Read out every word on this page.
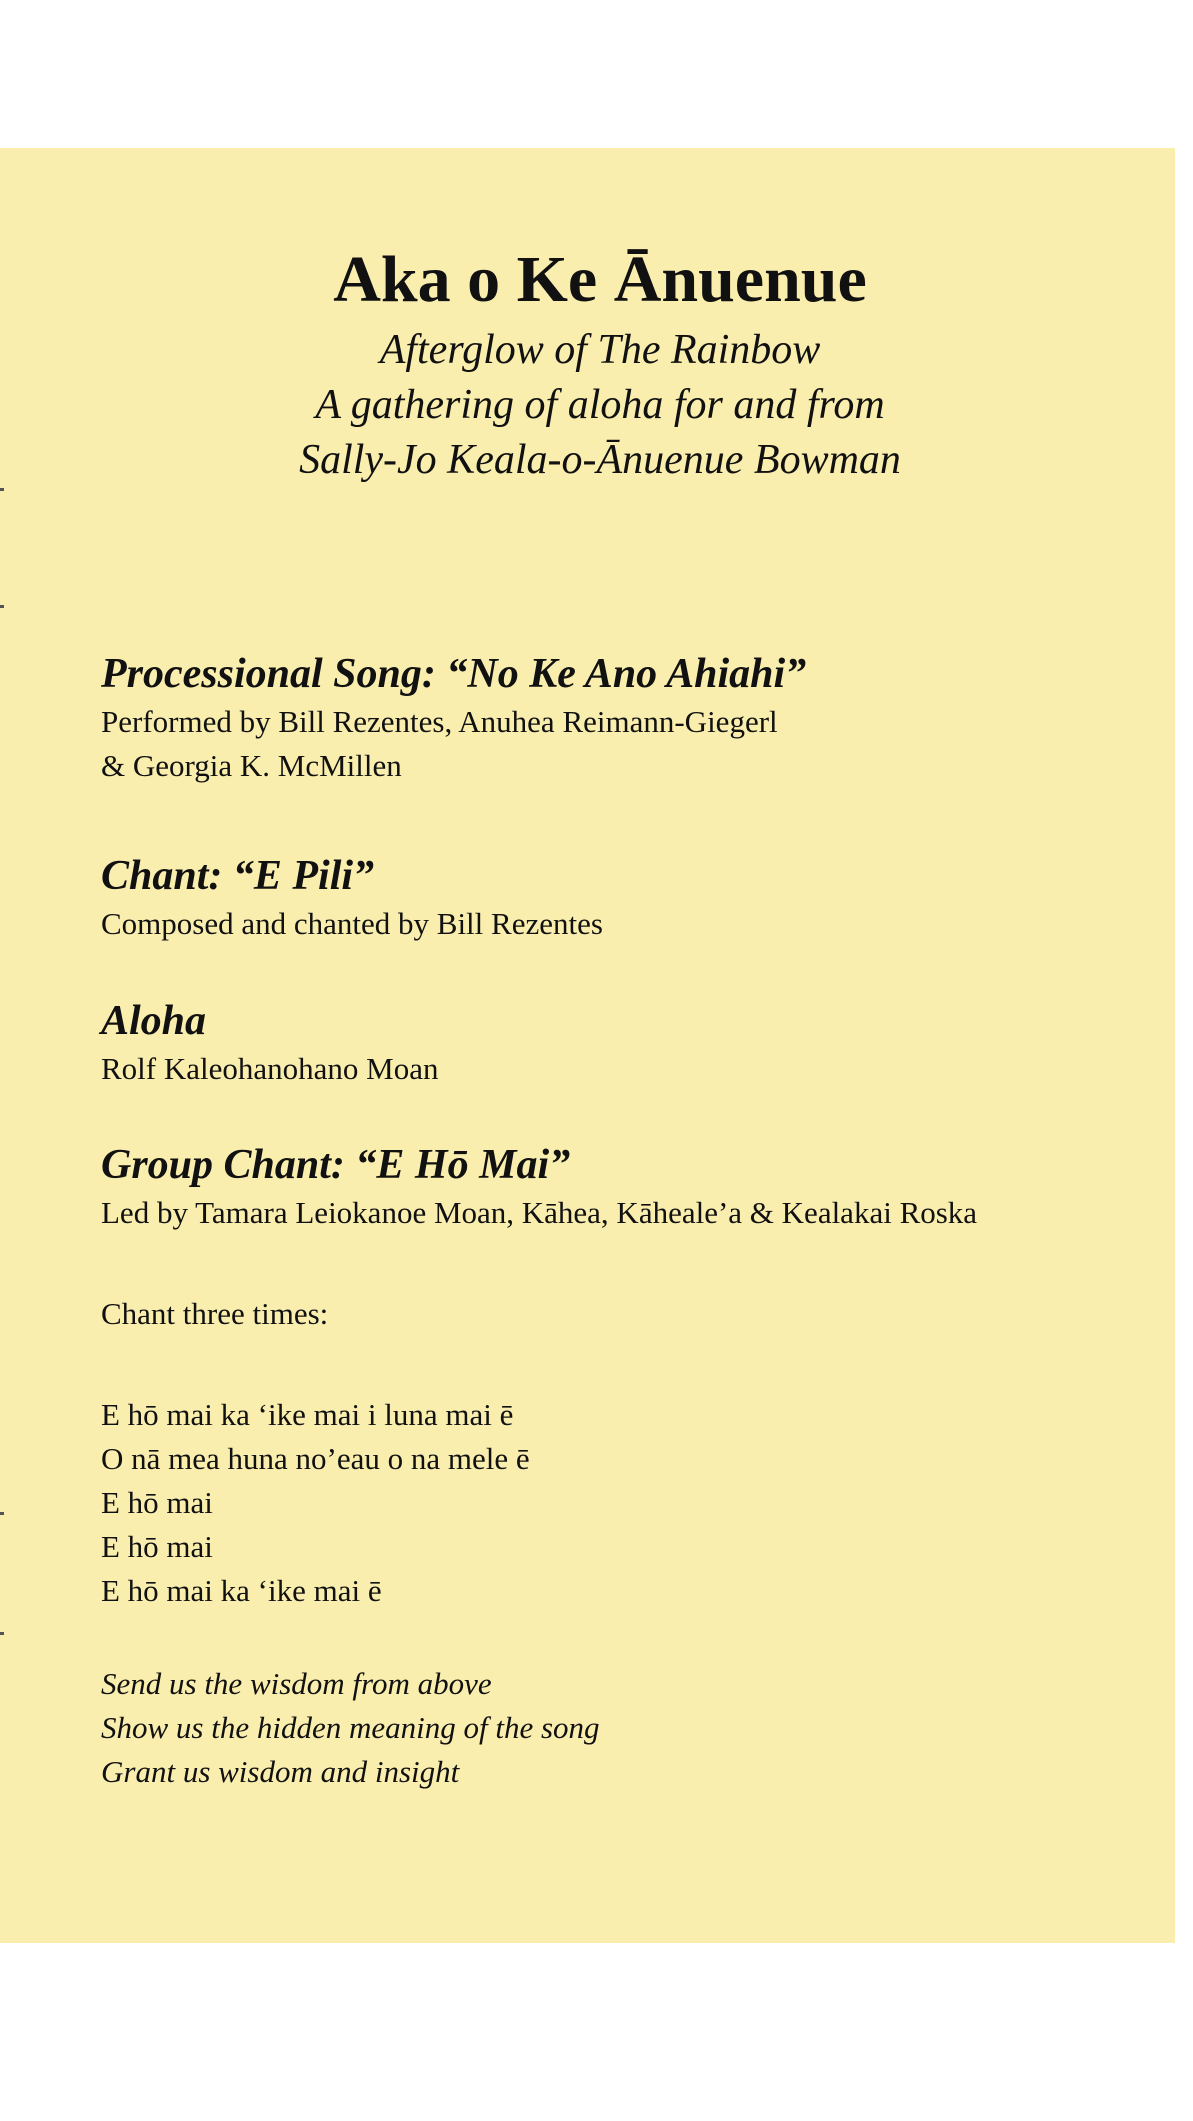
Aka o Ke Ānuenue
Afterglow of The Rainbow
A gathering of aloha for and from
Sally-Jo Keala-o-Ānuenue Bowman
Processional Song: “No Ke Ano Ahiahi”

Performed by Bill Rezentes, Anuhea Reimann-Giegerl

& Georgia K. McMillen

Chant: “E Pili”

Composed and chanted by Bill Rezentes

Aloha

Rolf Kaleohanohano Moan

Group Chant: “E Hō Mai”

Led by Tamara Leiokanoe Moan, Kāhea, Kāheale’a & Kealakai Roska

Chant three times:
E hō mai ka ‘ike mai i luna mai ē
O nā mea huna no’eau o na mele ē
E hō mai
E hō mai
E hō mai ka ‘ike mai ē
Send us the wisdom from above
Show us the hidden meaning of the song
Grant us wisdom and insight
